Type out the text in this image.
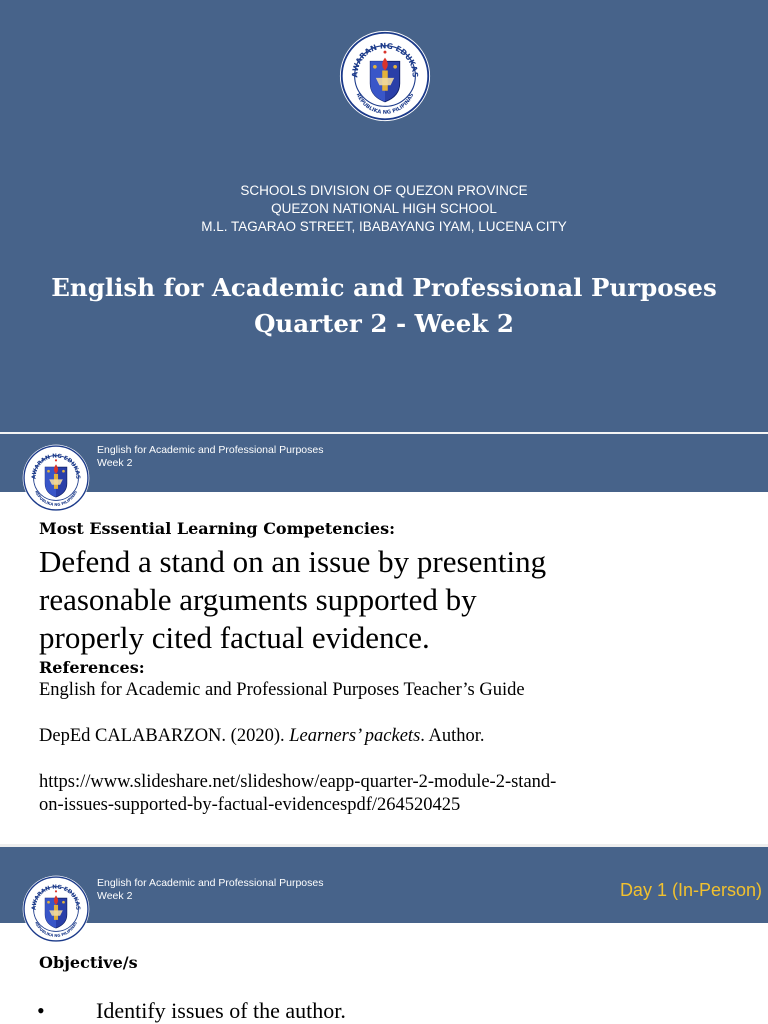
SCHOOLS DIVISION OF QUEZON PROVINCE
QUEZON NATIONAL HIGH SCHOOL
M.L. TAGARAO STREET, IBABAYANG IYAM, LUCENA CITY
English for Academic and Professional Purposes
Quarter 2 - Week 2
English for Academic and Professional Purposes
Week 2
Most Essential Learning Competencies:
Defend a stand on an issue by presenting
reasonable arguments supported by
properly cited factual evidence.
References:
English for Academic and Professional Purposes Teacher’s Guide
DepEd CALABARZON. (2020). Learners’ packets. Author.
https://www.slideshare.net/slideshow/eapp-quarter-2-module-2-stand-
on-issues-supported-by-factual-evidencespdf/264520425
English for Academic and Professional Purposes
Week 2	Day 1 (In-Person)
Objective/s
• Identify issues of the author.
